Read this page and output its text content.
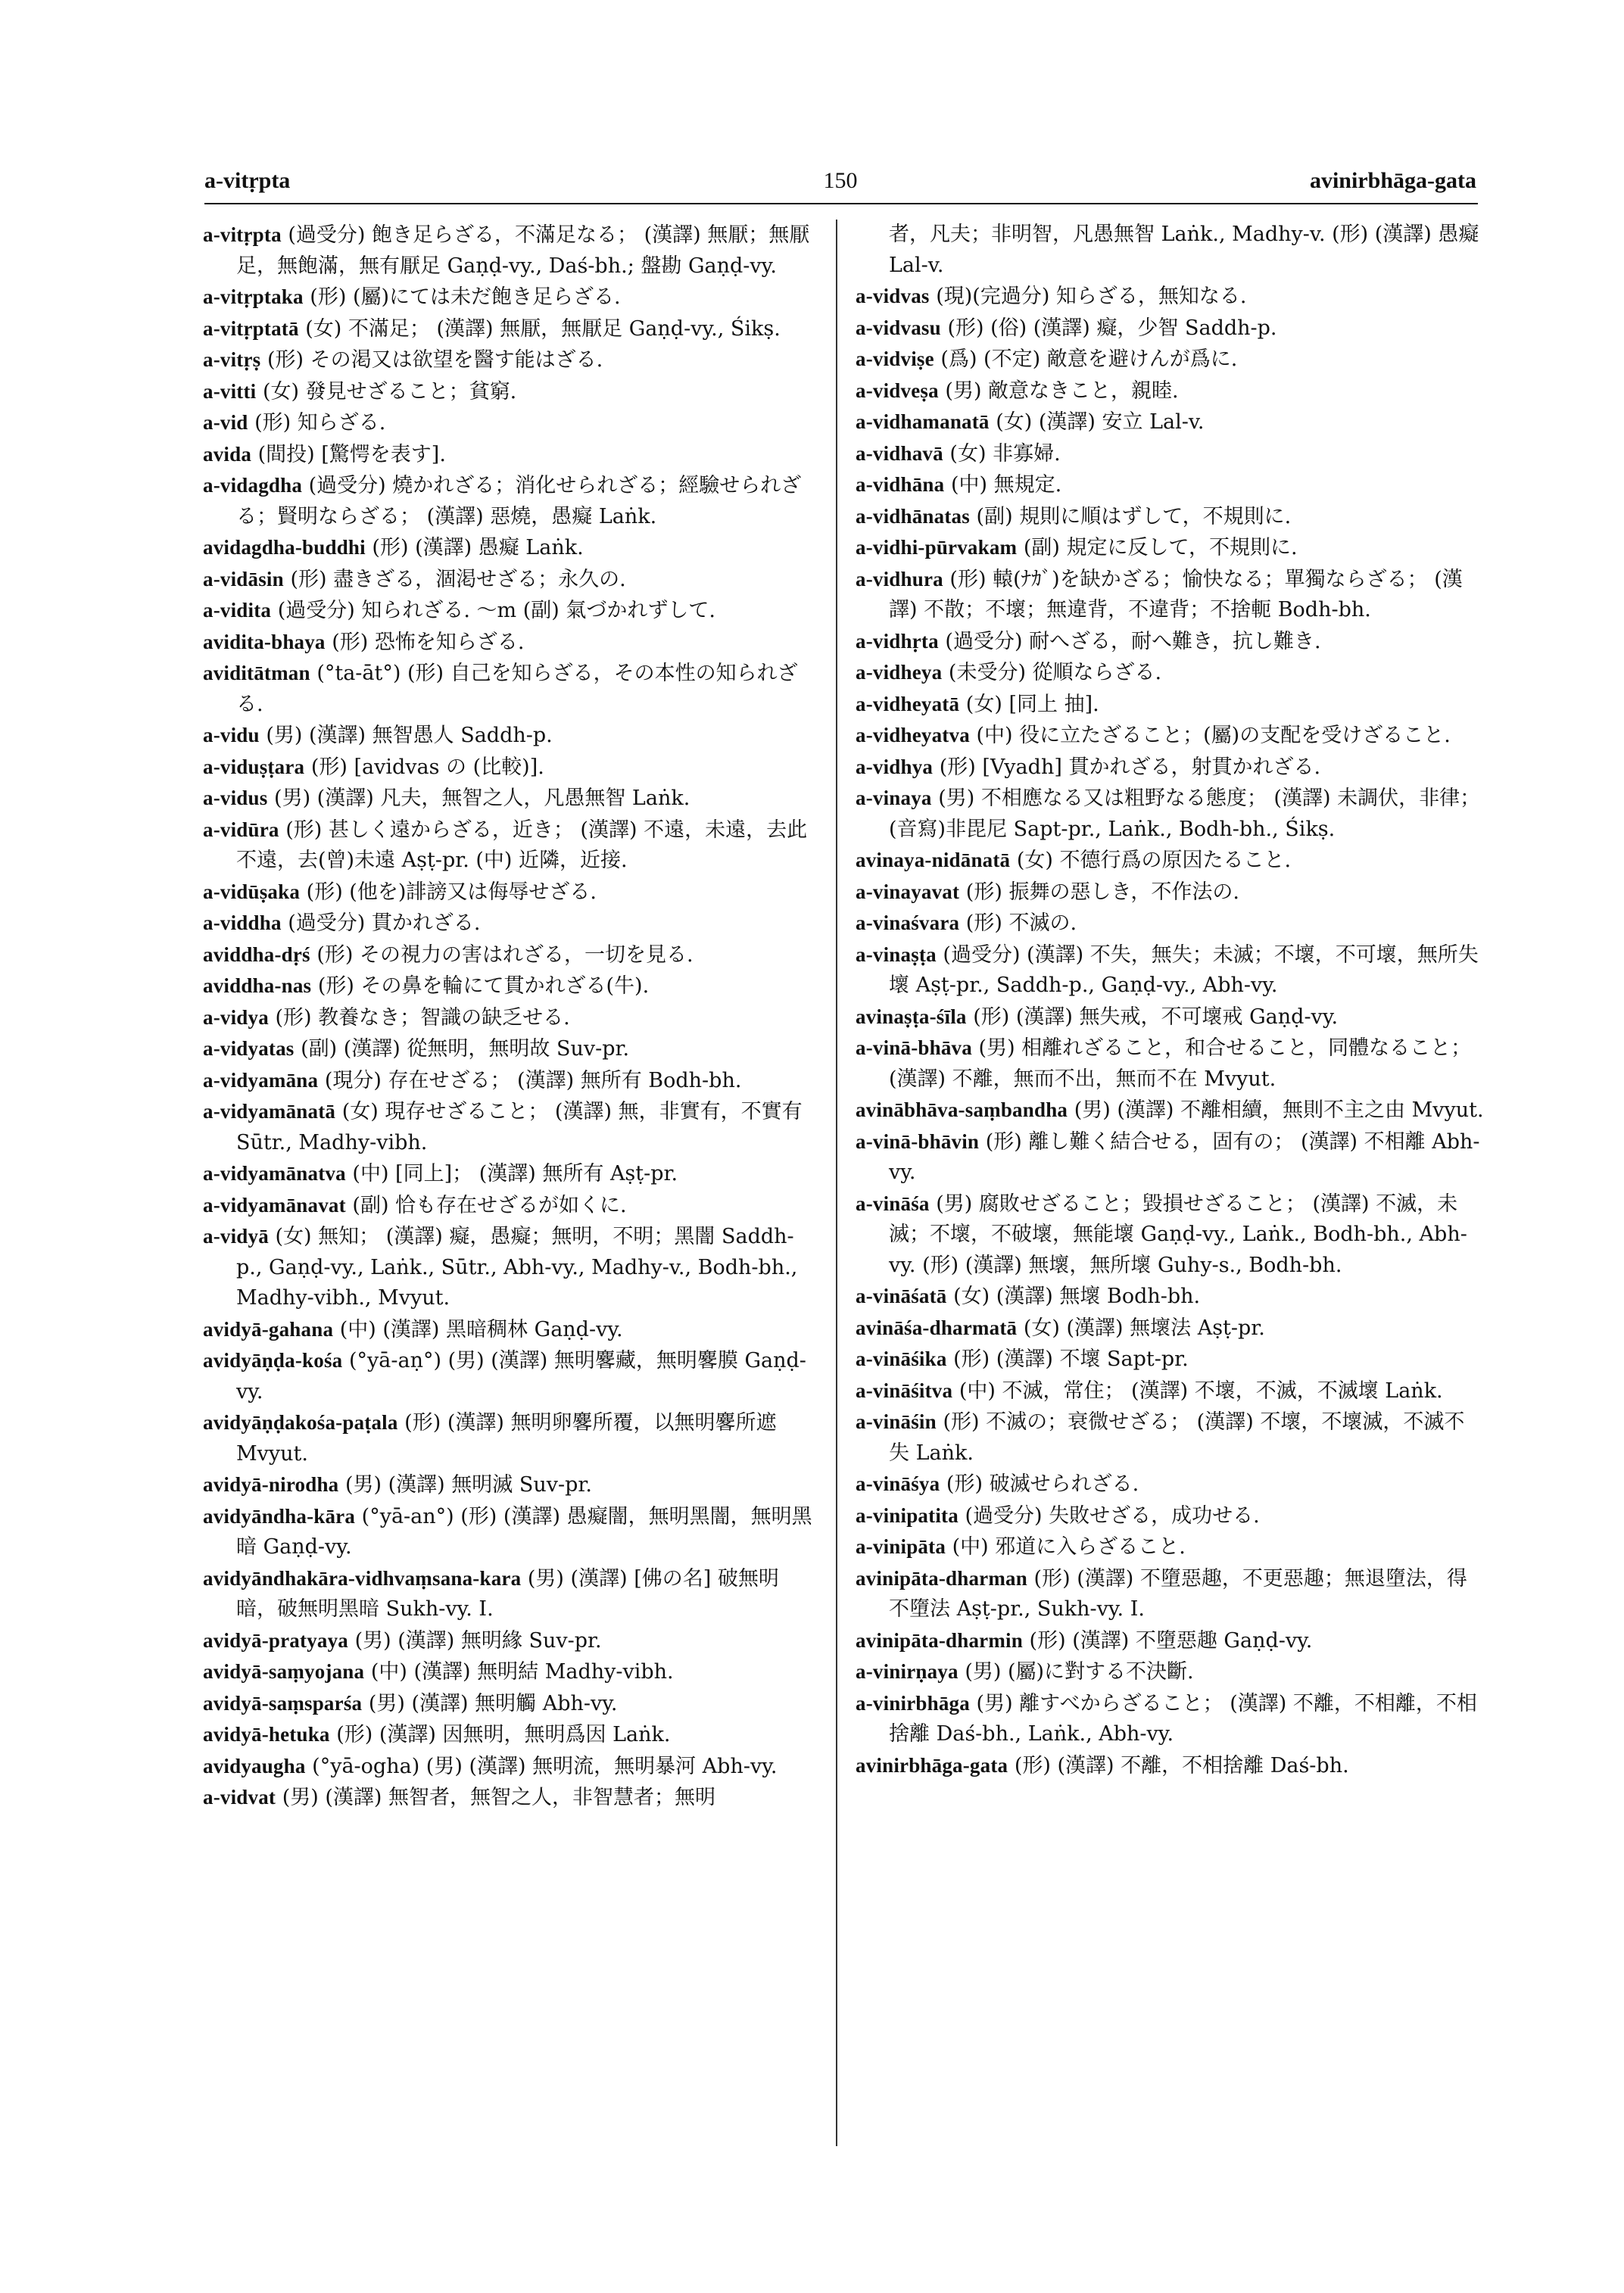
a-vitṛpta	150	avinirbhāga-gata

a-vitṛpta (過受分) 飽き足らざる，不滿足なる； (漢譯) 無厭；無厭足，無飽滿，無有厭足 Gaṇḍ-vy., Daś-bh.; 盤勘 Gaṇḍ-vy.

a-vitṛptaka (形) (屬)にては未だ飽き足らざる.

a-vitṛptatā (女) 不滿足； (漢譯) 無厭，無厭足 Gaṇḍ-vy., Śikṣ.

a-vitṛṣ (形) その渇又は欲望を醫す能はざる.

a-vitti (女) 發見せざること；貧窮.

a-vid (形) 知らざる.

avida (間投) [驚愕を表す].

a-vidagdha (過受分) 燒かれざる；消化せられざる；經驗せられざる；賢明ならざる； (漢譯) 惡燒，愚癡 Laṅk.

avidagdha-buddhi (形) (漢譯) 愚癡 Laṅk.

a-vidāsin (形) 盡きざる，涸渇せざる；永久の.

a-vidita (過受分) 知られざる. 〜m (副) 氣づかれずして.

avidita-bhaya (形) 恐怖を知らざる.

aviditātman (°ta-āt°) (形) 自己を知らざる，その本性の知られざる.

a-vidu (男) (漢譯) 無智愚人 Saddh-p.

a-viduṣṭara (形) [avidvas の (比較)].

a-vidus (男) (漢譯) 凡夫，無智之人，凡愚無智 Laṅk.

a-vidūra (形) 甚しく遠からざる，近き； (漢譯) 不遠，未遠，去此不遠，去(曾)未遠 Aṣṭ-pr. (中) 近隣，近接.

a-vidūṣaka (形) (他を)誹謗又は侮辱せざる.

a-viddha (過受分) 貫かれざる.

aviddha-dṛś (形) その視力の害はれざる，一切を見る.

aviddha-nas (形) その鼻を輪にて貫かれざる(牛).

a-vidya (形) 教養なき；智識の缺乏せる.

a-vidyatas (副) (漢譯) 從無明，無明故 Suv-pr.

a-vidyamāna (現分) 存在せざる； (漢譯) 無所有 Bodh-bh.

a-vidyamānatā (女) 現存せざること； (漢譯) 無，非實有，不實有 Sūtr., Madhy-vibh.

a-vidyamānatva (中) [同上]； (漢譯) 無所有 Aṣṭ-pr.

a-vidyamānavat (副) 恰も存在せざるが如くに.

a-vidyā (女) 無知； (漢譯) 癡，愚癡；無明，不明；黑闇 Saddh-p., Gaṇḍ-vy., Laṅk., Sūtr., Abh-vy., Madhy-v., Bodh-bh., Madhy-vibh., Mvyut.

avidyā-gahana (中) (漢譯) 黑暗稠林 Gaṇḍ-vy.

avidyāṇḍa-kośa (°yā-aṇ°) (男) (漢譯) 無明𪊲藏，無明𪊲膜 Gaṇḍ-vy.

avidyāṇḍakośa-paṭala (形) (漢譯) 無明卵𪊲所覆，以無明𪊲所遮 Mvyut.

avidyā-nirodha (男) (漢譯) 無明滅 Suv-pr.

avidyāndha-kāra (°yā-an°) (形) (漢譯) 愚癡闇，無明黑闇，無明黑暗 Gaṇḍ-vy.

avidyāndhakāra-vidhvaṃsana-kara (男) (漢譯) [佛の名] 破無明暗，破無明黑暗 Sukh-vy. I.

avidyā-pratyaya (男) (漢譯) 無明緣 Suv-pr.

avidyā-saṃyojana (中) (漢譯) 無明結 Madhy-vibh.

avidyā-saṃsparśa (男) (漢譯) 無明觸 Abh-vy.

avidyā-hetuka (形) (漢譯) 因無明，無明爲因 Laṅk.

avidyaugha (°yā-ogha) (男) (漢譯) 無明流，無明暴河 Abh-vy.

a-vidvat (男) (漢譯) 無智者，無智之人，非智慧者；無明

者，凡夫；非明智，凡愚無智 Laṅk., Madhy-v. (形) (漢譯) 愚癡 Lal-v.

a-vidvas (現)(完過分) 知らざる，無知なる.

a-vidvasu (形) (俗) (漢譯) 癡，少智 Saddh-p.

a-vidviṣe (爲) (不定) 敵意を避けんが爲に.

a-vidveṣa (男) 敵意なきこと，親睦.

a-vidhamanatā (女) (漢譯) 安立 Lal-v.

a-vidhavā (女) 非寡婦.

a-vidhāna (中) 無規定.

a-vidhānatas (副) 規則に順はずして，不規則に.

a-vidhi-pūrvakam (副) 規定に反して，不規則に.

a-vidhura (形) 轅(ﾅｶﾞ)を缺かざる；愉快なる；單獨ならざる； (漢譯) 不散；不壞；無違背，不違背；不捨軛 Bodh-bh.

a-vidhṛta (過受分) 耐へざる，耐へ難き，抗し難き.

a-vidheya (未受分) 從順ならざる.

a-vidheyatā (女) [同上 抽].

a-vidheyatva (中) 役に立たざること；(屬)の支配を受けざること.

a-vidhya (形) [Vyadh] 貫かれざる，射貫かれざる.

a-vinaya (男) 不相應なる又は粗野なる態度； (漢譯) 未調伏，非律；(音寫)非毘尼 Sapt-pr., Laṅk., Bodh-bh., Śikṣ.

avinaya-nidānatā (女) 不德行爲の原因たること.

a-vinayavat (形) 振舞の惡しき，不作法の.

a-vinaśvara (形) 不滅の.

a-vinaṣṭa (過受分) (漢譯) 不失，無失；未滅；不壞，不可壞，無所失壞 Aṣṭ-pr., Saddh-p., Gaṇḍ-vy., Abh-vy.

avinaṣṭa-śīla (形) (漢譯) 無失戒，不可壞戒 Gaṇḍ-vy.

a-vinā-bhāva (男) 相離れざること，和合せること，同體なること； (漢譯) 不離，無而不出，無而不在 Mvyut.

avinābhāva-saṃbandha (男) (漢譯) 不離相續，無則不主之由 Mvyut.

a-vinā-bhāvin (形) 離し難く結合せる，固有の； (漢譯) 不相離 Abh-vy.

a-vināśa (男) 腐敗せざること；毀損せざること； (漢譯) 不滅，未滅；不壞，不破壞，無能壞 Gaṇḍ-vy., Laṅk., Bodh-bh., Abh-vy. (形) (漢譯) 無壞，無所壞 Guhy-s., Bodh-bh.

a-vināśatā (女) (漢譯) 無壞 Bodh-bh.

avināśa-dharmatā (女) (漢譯) 無壞法 Aṣṭ-pr.

a-vināśika (形) (漢譯) 不壞 Sapt-pr.

a-vināśitva (中) 不滅，常住； (漢譯) 不壞，不滅，不滅壞 Laṅk.

a-vināśin (形) 不滅の；衰微せざる； (漢譯) 不壞，不壞滅，不滅不失 Laṅk.

a-vināśya (形) 破滅せられざる.

a-vinipatita (過受分) 失敗せざる，成功せる.

a-vinipāta (中) 邪道に入らざること.

avinipāta-dharman (形) (漢譯) 不墮惡趣，不更惡趣；無退墮法，得不墮法 Aṣṭ-pr., Sukh-vy. I.

avinipāta-dharmin (形) (漢譯) 不墮惡趣 Gaṇḍ-vy.

a-vinirṇaya (男) (屬)に對する不決斷.

a-vinirbhāga (男) 離すべからざること； (漢譯) 不離，不相離，不相捨離 Daś-bh., Laṅk., Abh-vy.

avinirbhāga-gata (形) (漢譯) 不離，不相捨離 Daś-bh.
